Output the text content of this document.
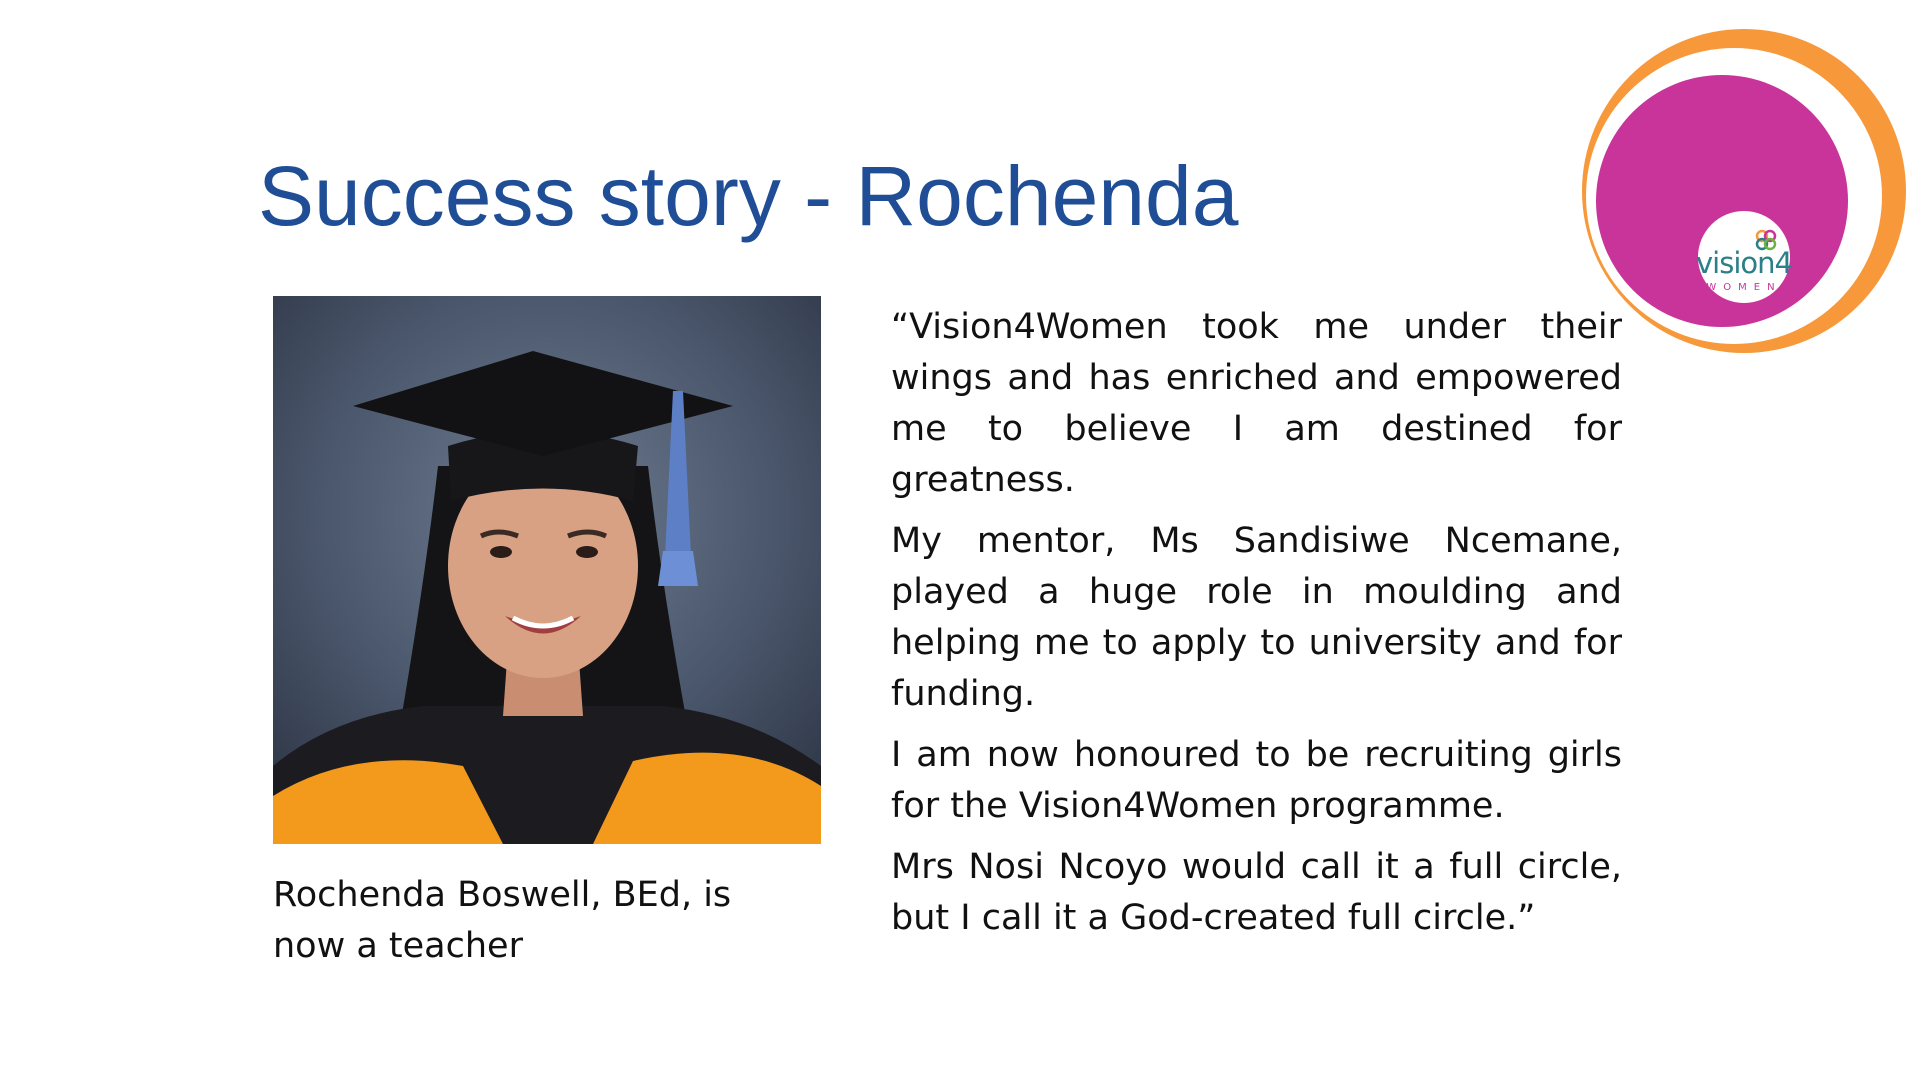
Success story - Rochenda
Rochenda Boswell, BEd, is now a teacher

“Vision4Women took me under their wings and has enriched and empowered me to believe I am destined for greatness.

My mentor, Ms Sandisiwe Ncemane, played a huge role in moulding and helping me to apply to university and for funding.

I am now honoured to be recruiting girls for the Vision4Women programme.

Mrs Nosi Ncoyo would call it a full circle, but I call it a God-created full circle.”

vision4
WOMEN
